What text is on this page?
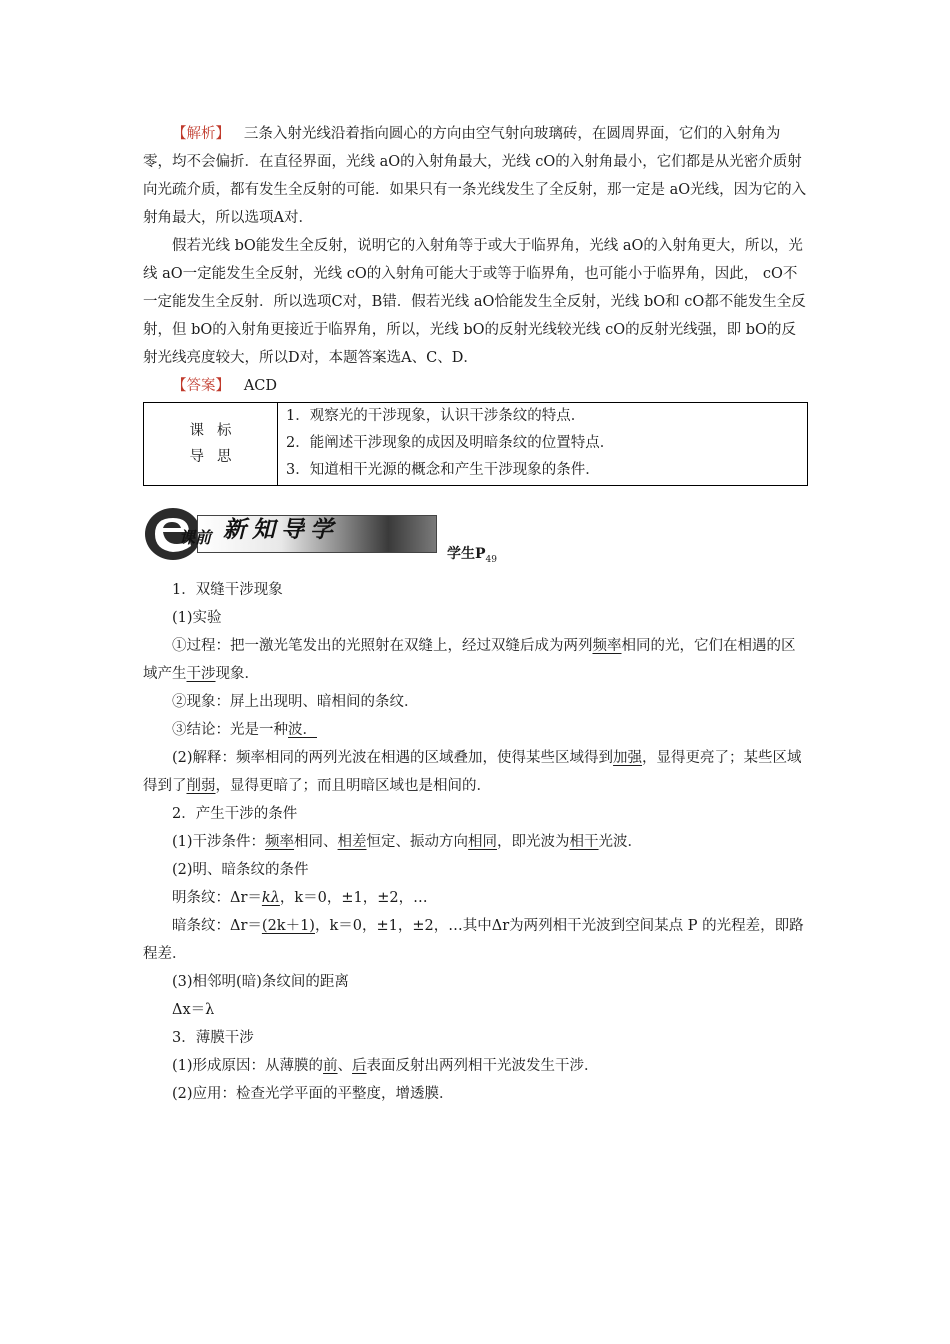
【解析】 三条入射光线沿着指向圆心的方向由空气射向玻璃砖，在圆周界面，它们的入射角为零，均不会偏折．在直径界面，光线 aO的入射角最大，光线 cO的入射角最小，它们都是从光密介质射向光疏介质，都有发生全反射的可能．如果只有一条光线发生了全反射，那一定是 aO光线，因为它的入射角最大，所以选项A对．

假若光线 bO能发生全反射，说明它的入射角等于或大于临界角，光线 aO的入射角更大，所以，光线 aO一定能发生全反射，光线 cO的入射角可能大于或等于临界角，也可能小于临界角，因此， cO不一定能发生全反射．所以选项C对，B错．假若光线 aO恰能发生全反射，光线 bO和 cO都不能发生全反射，但 bO的入射角更接近于临界角，所以，光线 bO的反射光线较光线 cO的反射光线强，即 bO的反射光线亮度较大，所以D对，本题答案选A、C、D．

【答案】 ACD

课标
导思
1．观察光的干涉现象，认识干涉条纹的特点．
2．能阐述干涉现象的成因及明暗条纹的位置特点．
3．知道相干光源的概念和产生干涉现象的条件．
课前 新知导学
学生$P_{49}$

1．双缝干涉现象

(1)实验

①过程：把一激光笔发出的光照射在双缝上，经过双缝后成为两列频率相同的光，它们在相遇的区域产生干涉现象．

②现象：屏上出现明、暗相间的条纹．

③结论：光是一种波．

(2)解释：频率相同的两列光波在相遇的区域叠加，使得某些区域得到加强，显得更亮了；某些区域得到了削弱，显得更暗了；而且明暗区域也是相间的．

2．产生干涉的条件

(1)干涉条件：频率相同、相差恒定、振动方向相同，即光波为相干光波．

(2)明、暗条纹的条件

明条纹：Δr＝kλ，k＝0，±1，±2，…

暗条纹：Δr＝(2k＋1)，k＝0，±1，±2，…其中Δr为两列相干光波到空间某点 P 的光程差，即路程差．

(3)相邻明(暗)条纹间的距离

Δx＝λ

3．薄膜干涉

(1)形成原因：从薄膜的前、后表面反射出两列相干光波发生干涉．

(2)应用：检查光学平面的平整度，增透膜．
